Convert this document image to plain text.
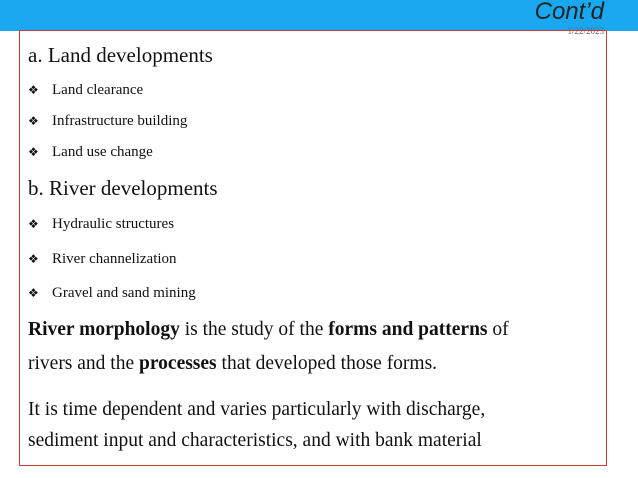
Cont’d
1/22/2023
a. Land developments
❖ Land clearance
❖ Infrastructure building
❖ Land use change
b. River developments
❖ Hydraulic structures
❖ River channelization
❖ Gravel and sand mining
River morphology is the study of the forms and patterns of
rivers and the processes that developed those forms.
It is time dependent and varies particularly with discharge,
sediment input and characteristics, and with bank material
